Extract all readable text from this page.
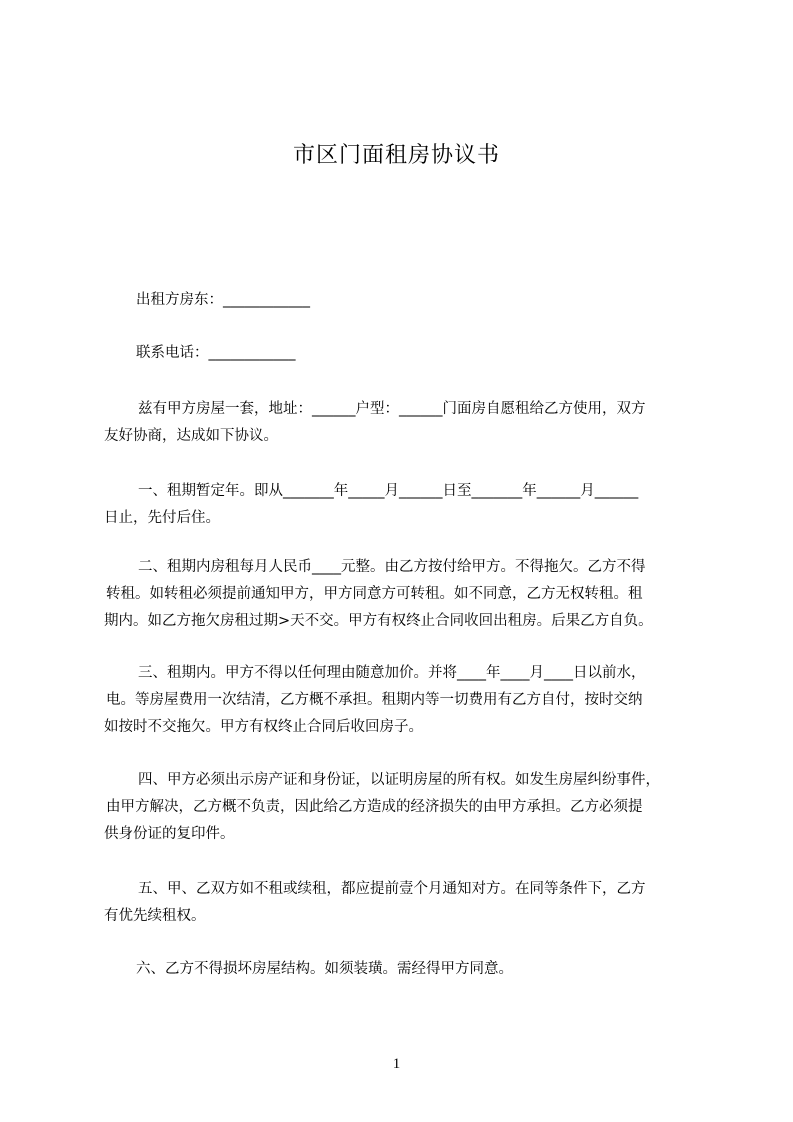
市区门面租房协议书
出租方房东：____________
联系电话：____________
兹有甲方房屋一套，地址：______户型：______门面房自愿租给乙方使用，双方
友好协商，达成如下协议。
一、租期暂定年。即从_______年_____月______日至_______年______月______
日止，先付后住。
二、租期内房租每月人民币____元整。由乙方按付给甲方。不得拖欠。乙方不得
转租。如转租必须提前通知甲方，甲方同意方可转租。如不同意，乙方无权转租。租
期内。如乙方拖欠房租过期>天不交。甲方有权终止合同收回出租房。后果乙方自负。
三、租期内。甲方不得以任何理由随意加价。并将____年____月____日以前水，
电。等房屋费用一次结清，乙方概不承担。租期内等一切费用有乙方自付，按时交纳
如按时不交拖欠。甲方有权终止合同后收回房子。
四、甲方必须出示房产证和身份证，以证明房屋的所有权。如发生房屋纠纷事件，
由甲方解决，乙方概不负责，因此给乙方造成的经济损失的由甲方承担。乙方必须提
供身份证的复印件。
五、甲、乙双方如不租或续租，都应提前壹个月通知对方。在同等条件下，乙方
有优先续租权。
六、乙方不得损坏房屋结构。如须装璜。需经得甲方同意。
1
